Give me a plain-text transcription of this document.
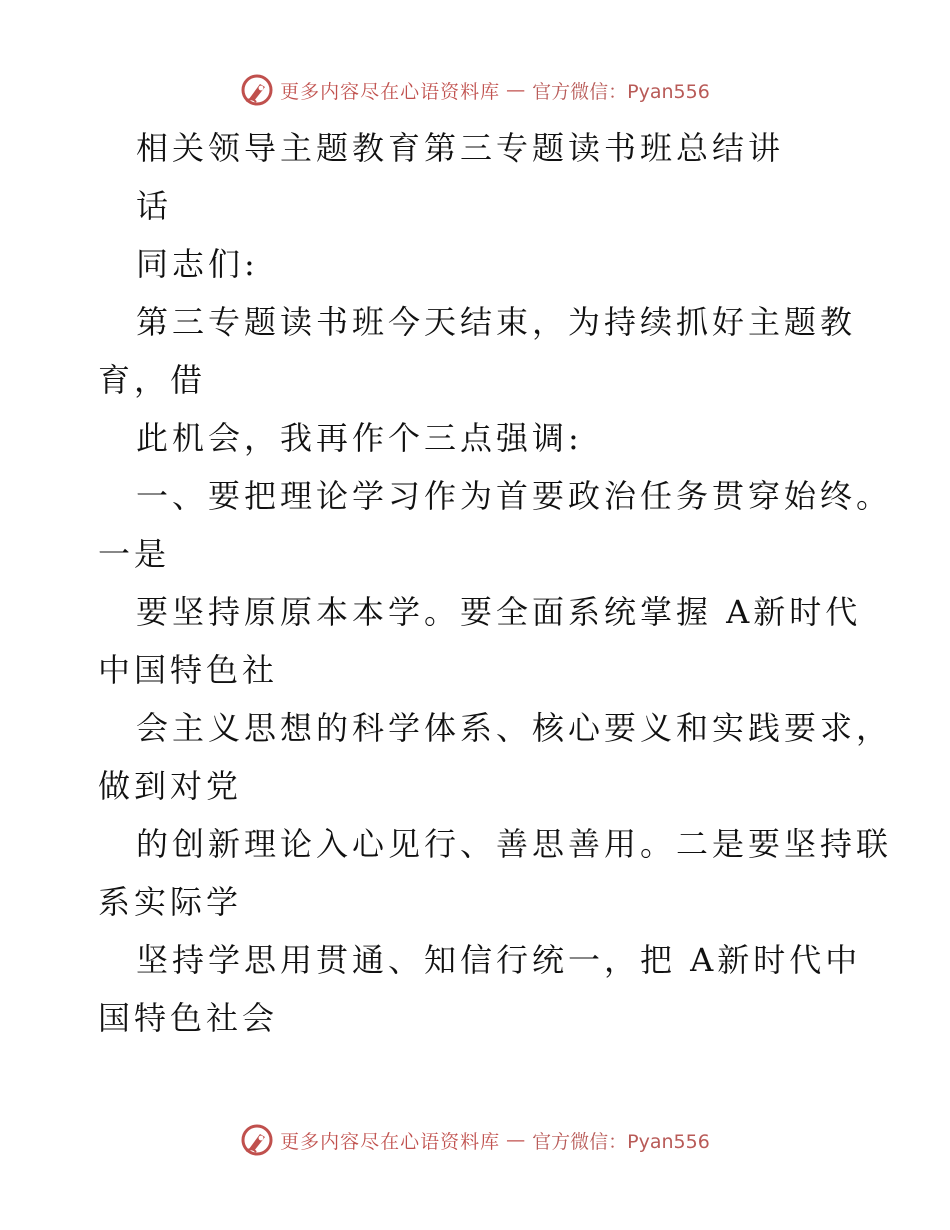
更多内容尽在心语资料库 — 官方微信：Pyan556
相关领导主题教育第三专题读书班总结讲
话
同志们:
第三专题读书班今天结束，为持续抓好主题教
育，借
此机会，我再作个三点强调:
一、要把理论学习作为首要政治任务贯穿始终。
一是
要坚持原原本本学。要全面系统掌握 A新时代
中国特色社
会主义思想的科学体系、核心要义和实践要求，
做到对党
的创新理论入心见行、善思善用。二是要坚持联
系实际学
坚持学思用贯通、知信行统一，把 A新时代中
国特色社会
更多内容尽在心语资料库 — 官方微信：Pyan556
